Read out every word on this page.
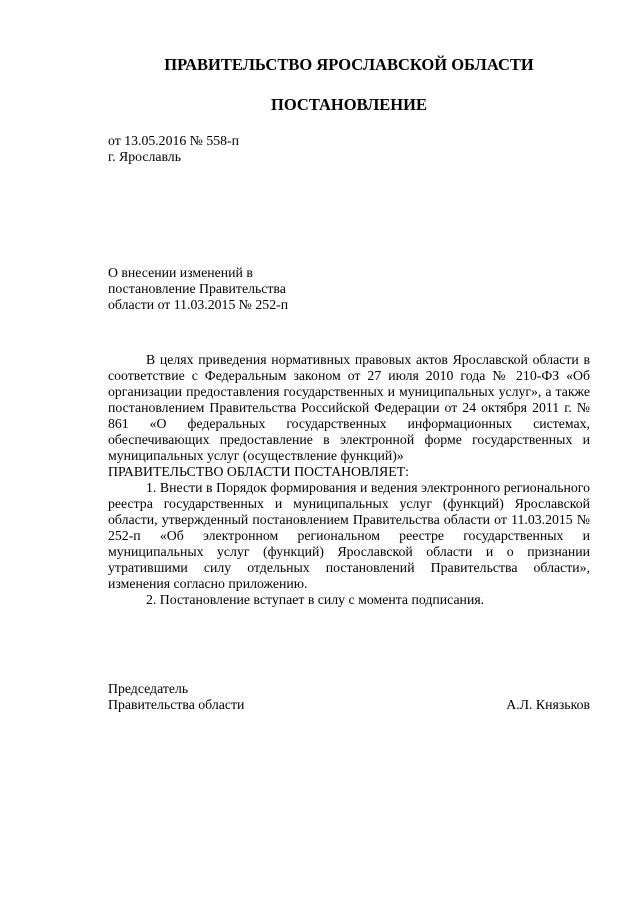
ПРАВИТЕЛЬСТВО ЯРОСЛАВСКОЙ ОБЛАСТИ
ПОСТАНОВЛЕНИЕ
от 13.05.2016 № 558-п
г. Ярославль
О внесении изменений в
постановление Правительства
области от 11.03.2015 № 252-п

В целях приведения нормативных правовых актов Ярославской области в соответствие с Федеральным законом от 27 июля 2010 года № 210-ФЗ «Об организации предоставления государственных и муниципальных услуг», а также постановлением Правительства Российской Федерации от 24 октября 2011 г. № 861 «О федеральных государственных информационных системах, обеспечивающих предоставление в электронной форме государственных и муниципальных услуг (осуществление функций)»

ПРАВИТЕЛЬСТВО ОБЛАСТИ ПОСТАНОВЛЯЕТ:

1. Внести в Порядок формирования и ведения электронного регионального реестра государственных и муниципальных услуг (функций) Ярославской области, утвержденный постановлением Правительства области от 11.03.2015 № 252-п «Об электронном региональном реестре государственных и муниципальных услуг (функций) Ярославской области и о признании утратившими силу отдельных постановлений Правительства области», изменения согласно приложению.

2. Постановление вступает в силу с момента подписания.

Председатель
Правительства области	А.Л. Князьков
